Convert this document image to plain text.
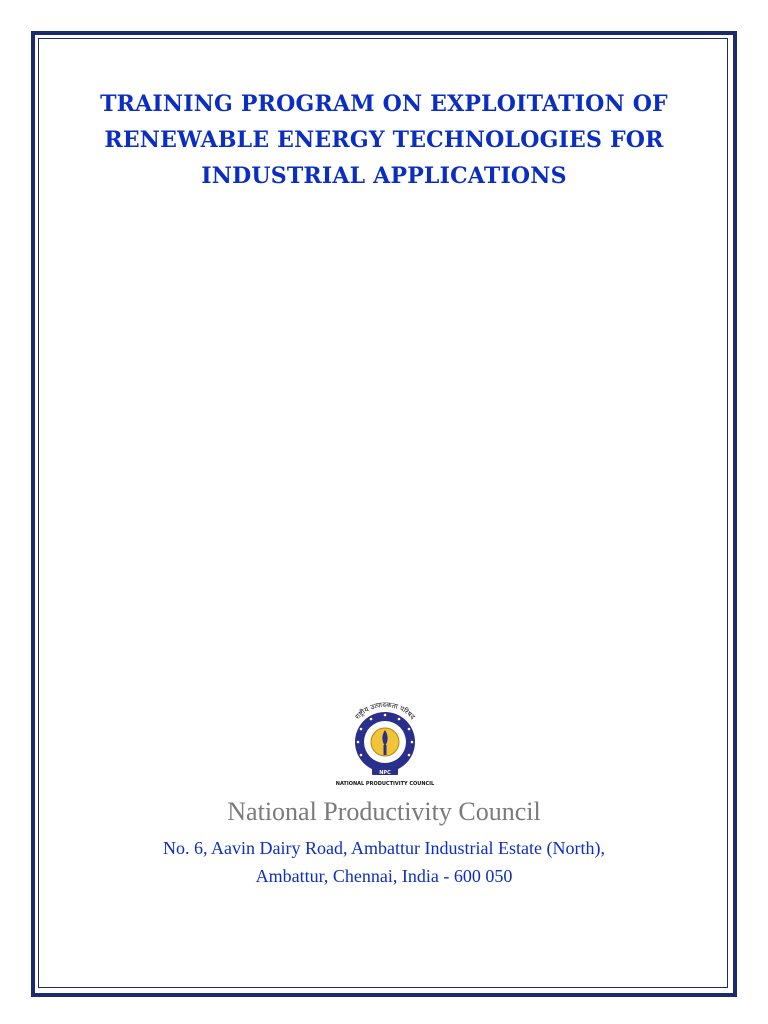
TRAINING PROGRAM ON EXPLOITATION OF
RENEWABLE ENERGY TECHNOLOGIES FOR
INDUSTRIAL APPLICATIONS
NPC
राष्ट्रीय उत्पादकता परिषद
NATIONAL PRODUCTIVITY COUNCIL
National Productivity Council
No. 6, Aavin Dairy Road, Ambattur Industrial Estate (North),
Ambattur, Chennai, India - 600 050
